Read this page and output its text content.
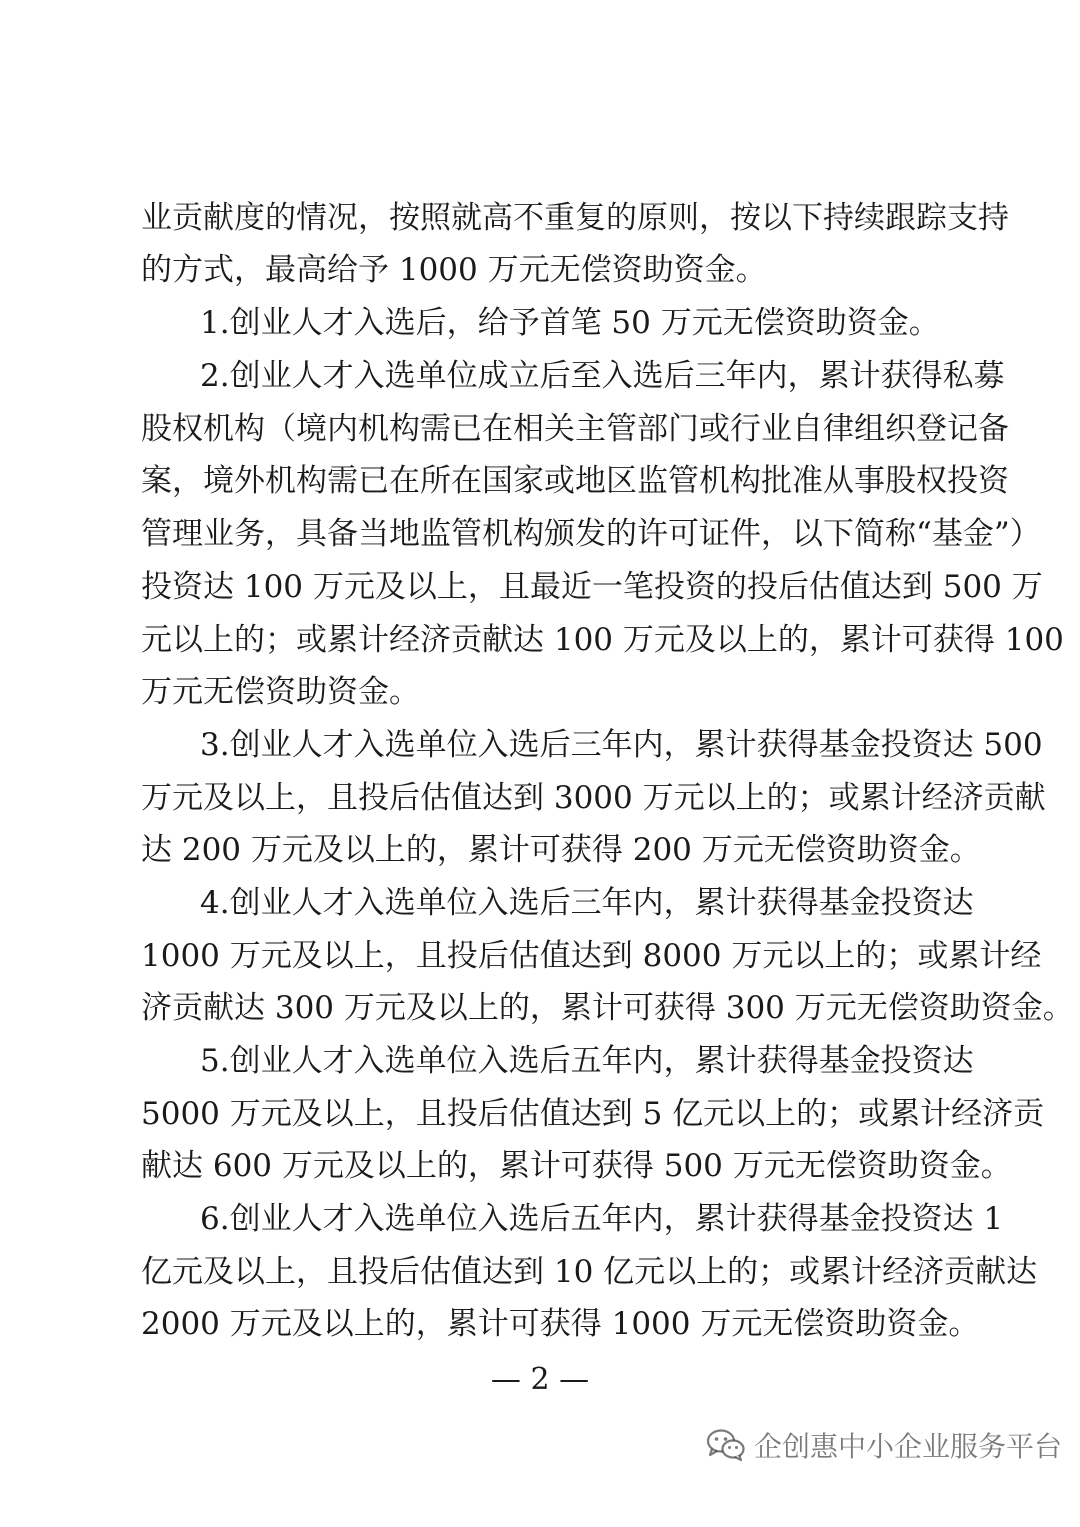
业贡献度的情况，按照就高不重复的原则，按以下持续跟踪支持
的方式，最高给予 1000 万元无偿资助资金。
1.创业人才入选后，给予首笔 50 万元无偿资助资金。
2.创业人才入选单位成立后至入选后三年内，累计获得私募
股权机构（境内机构需已在相关主管部门或行业自律组织登记备
案，境外机构需已在所在国家或地区监管机构批准从事股权投资
管理业务，具备当地监管机构颁发的许可证件，以下简称“基金”）
投资达 100 万元及以上，且最近一笔投资的投后估值达到 500 万
元以上的；或累计经济贡献达 100 万元及以上的，累计可获得 100
万元无偿资助资金。
3.创业人才入选单位入选后三年内，累计获得基金投资达 500
万元及以上，且投后估值达到 3000 万元以上的；或累计经济贡献
达 200 万元及以上的，累计可获得 200 万元无偿资助资金。
4.创业人才入选单位入选后三年内，累计获得基金投资达
1000 万元及以上，且投后估值达到 8000 万元以上的；或累计经
济贡献达 300 万元及以上的，累计可获得 300 万元无偿资助资金。
5.创业人才入选单位入选后五年内，累计获得基金投资达
5000 万元及以上，且投后估值达到 5 亿元以上的；或累计经济贡
献达 600 万元及以上的，累计可获得 500 万元无偿资助资金。
6.创业人才入选单位入选后五年内，累计获得基金投资达 1
亿元及以上，且投后估值达到 10 亿元以上的；或累计经济贡献达
2000 万元及以上的，累计可获得 1000 万元无偿资助资金。
— 2 —
企创惠中小企业服务平台
